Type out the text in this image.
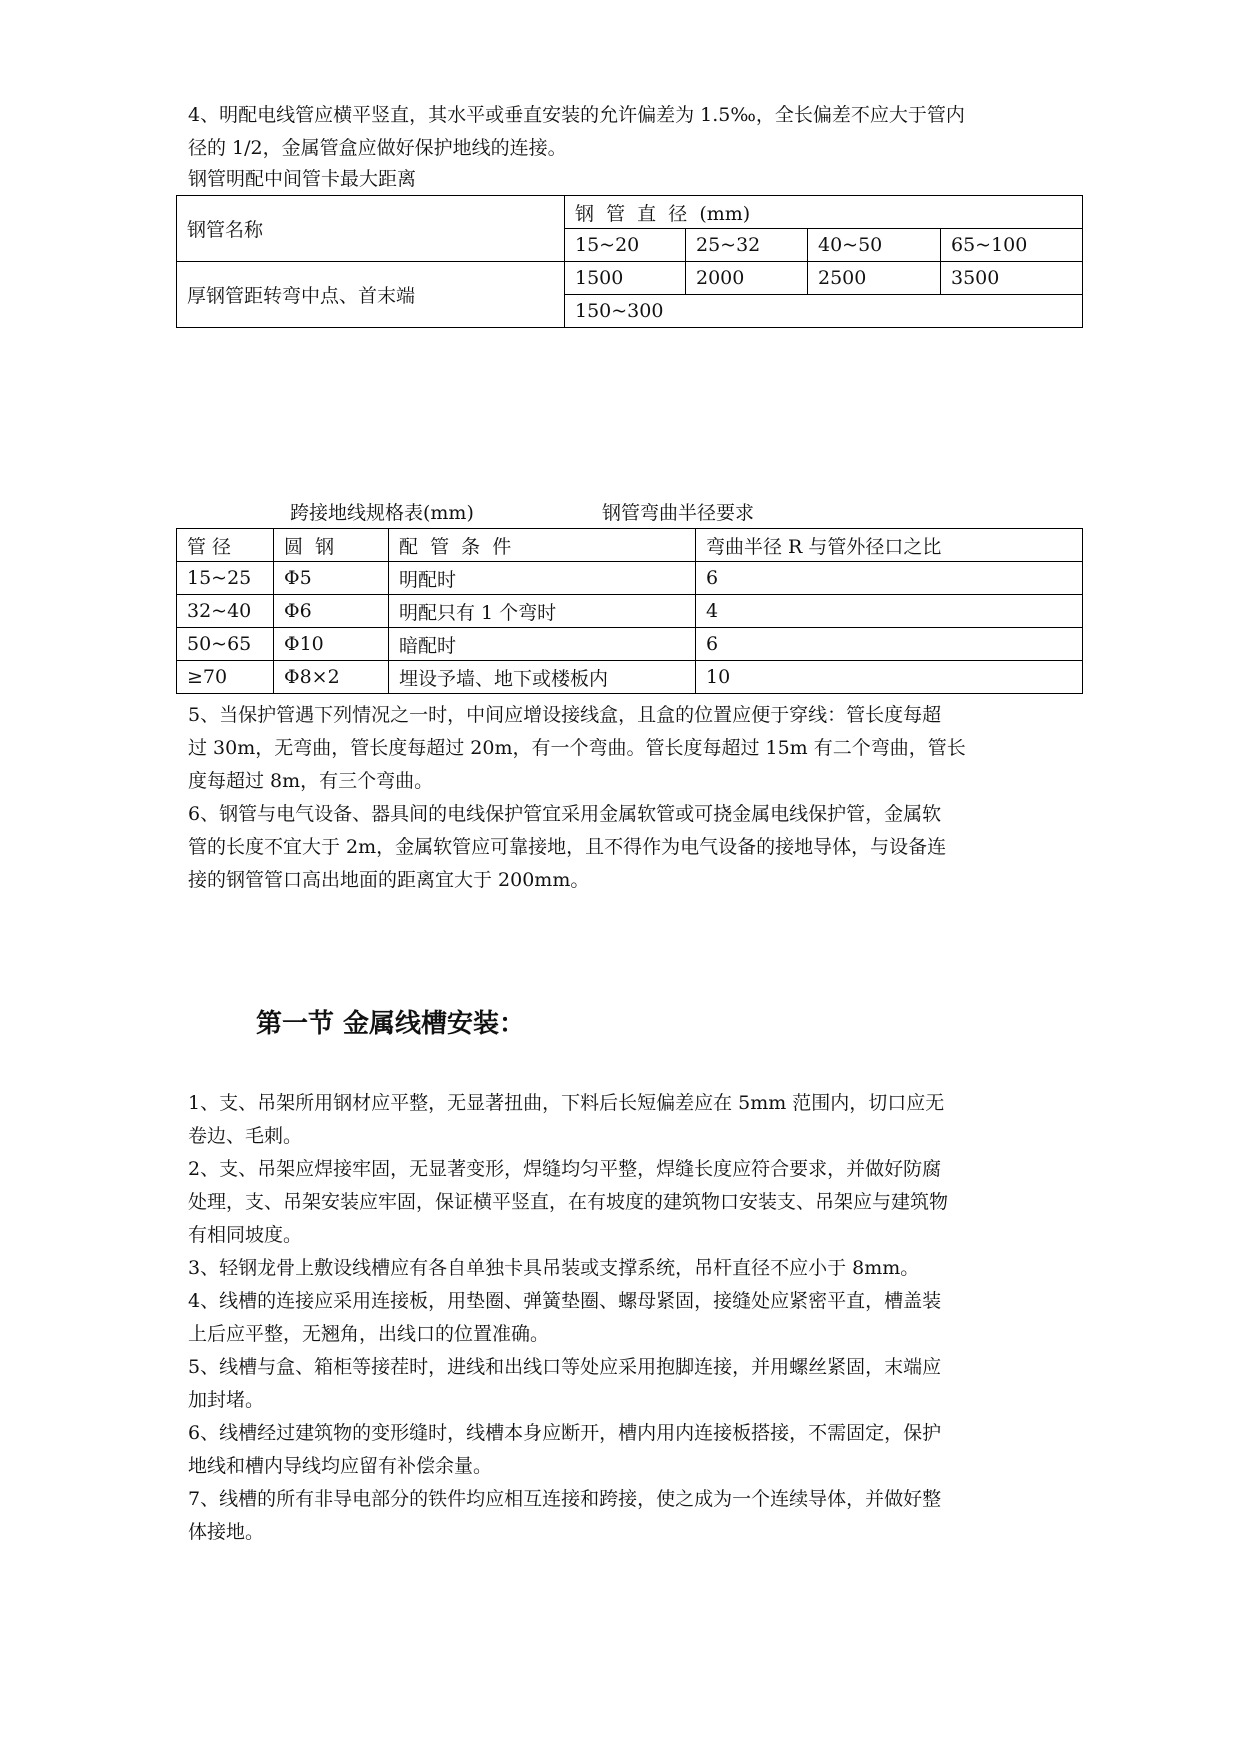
4、明配电线管应横平竖直，其水平或垂直安装的允许偏差为 1.5‰，全长偏差不应大于管内

径的 1/2，金属管盒应做好保护地线的连接。

钢管明配中间管卡最大距离
钢管名称	钢  管  直  径  (mm)			
	15~20	25~32	40~50	65~100
厚钢管距转弯中点、首末端	1500	2000	2500	3500
	150~300			
跨接地线规格表(mm)	钢管弯曲半径要求
管 径	圆  钢	配  管  条  件	弯曲半径 R 与管外径口之比
15~25	Φ5	明配时	6
32~40	Φ6	明配只有 1 个弯时	4
50~65	Φ10	暗配时	6
≥70	Φ8×2	埋设予墙、地下或楼板内	10

5、当保护管遇下列情况之一时，中间应增设接线盒，且盒的位置应便于穿线：管长度每超

过 30m，无弯曲，管长度每超过 20m，有一个弯曲。管长度每超过 15m 有二个弯曲，管长

度每超过 8m，有三个弯曲。

6、钢管与电气设备、器具间的电线保护管宜采用金属软管或可挠金属电线保护管，金属软

管的长度不宜大于 2m，金属软管应可靠接地，且不得作为电气设备的接地导体，与设备连

接的钢管管口高出地面的距离宜大于 200mm。

第一节 金属线槽安装：

1、支、吊架所用钢材应平整，无显著扭曲，下料后长短偏差应在 5mm 范围内，切口应无

卷边、毛刺。

2、支、吊架应焊接牢固，无显著变形，焊缝均匀平整，焊缝长度应符合要求，并做好防腐

处理，支、吊架安装应牢固，保证横平竖直，在有坡度的建筑物口安装支、吊架应与建筑物

有相同坡度。

3、轻钢龙骨上敷设线槽应有各自单独卡具吊装或支撑系统，吊杆直径不应小于 8mm。

4、线槽的连接应采用连接板，用垫圈、弹簧垫圈、螺母紧固，接缝处应紧密平直，槽盖装

上后应平整，无翘角，出线口的位置准确。

5、线槽与盒、箱柜等接茬时，进线和出线口等处应采用抱脚连接，并用螺丝紧固，末端应

加封堵。

6、线槽经过建筑物的变形缝时，线槽本身应断开，槽内用内连接板搭接，不需固定，保护

地线和槽内导线均应留有补偿余量。

7、线槽的所有非导电部分的铁件均应相互连接和跨接，使之成为一个连续导体，并做好整

体接地。
